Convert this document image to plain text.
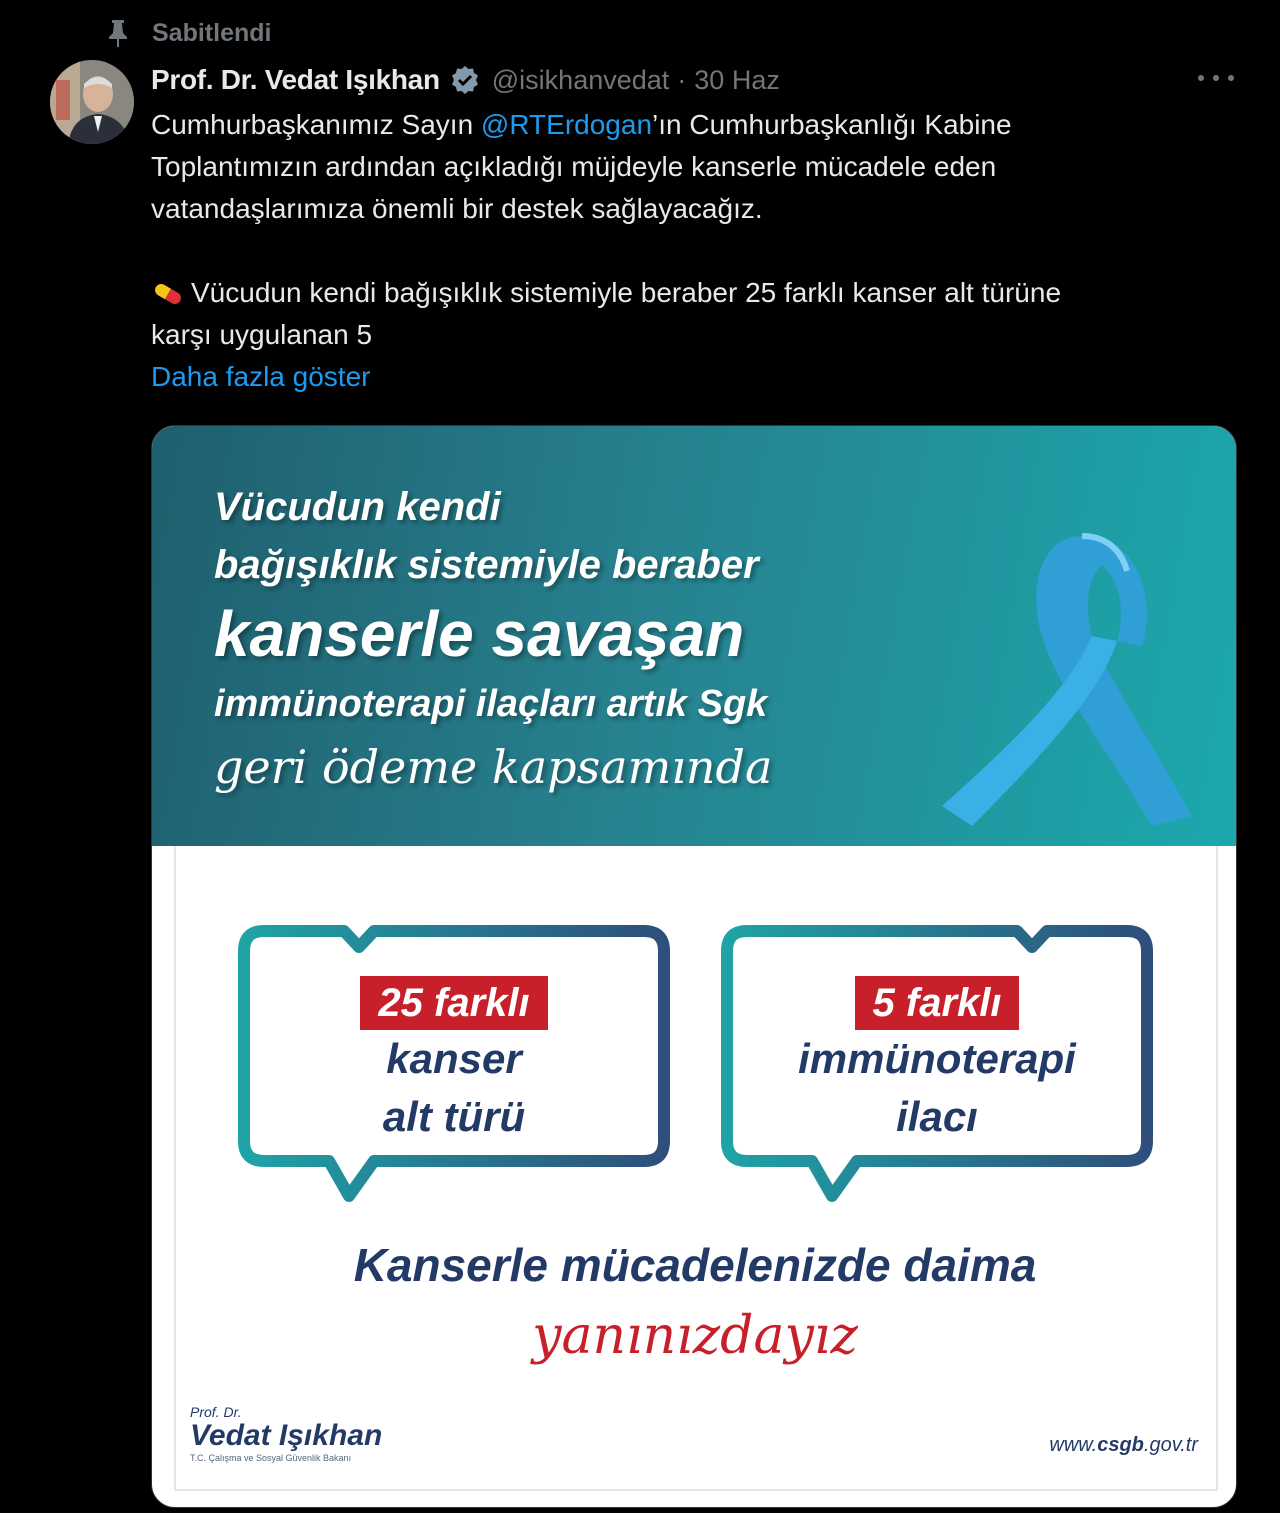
Sabitlendi
Prof. Dr. Vedat Işıkhan @isikhanvedat · 30 Haz

Cumhurbaşkanımız Sayın @RTErdogan’ın Cumhurbaşkanlığı Kabine

Toplantımızın ardından açıkladığı müjdeyle kanserle mücadele eden

vatandaşlarımıza önemli bir destek sağlayacağız.

Vücudun kendi bağışıklık sistemiyle beraber 25 farklı kanser alt türüne

karşı uygulanan 5

Daha fazla göster

Vücudun kendi
bağışıklık sistemiyle beraber
kanserle savaşan
immünoterapi ilaçları artık Sgk
geri ödeme kapsamında
25 farklı
kanser
alt türü
5 farklı
immünoterapi
ilacı
Kanserle mücadelenizde daima
yanınızdayız
Prof. Dr.
Vedat Işıkhan
T.C. Çalışma ve Sosyal Güvenlik Bakanı
www.csgb.gov.tr
